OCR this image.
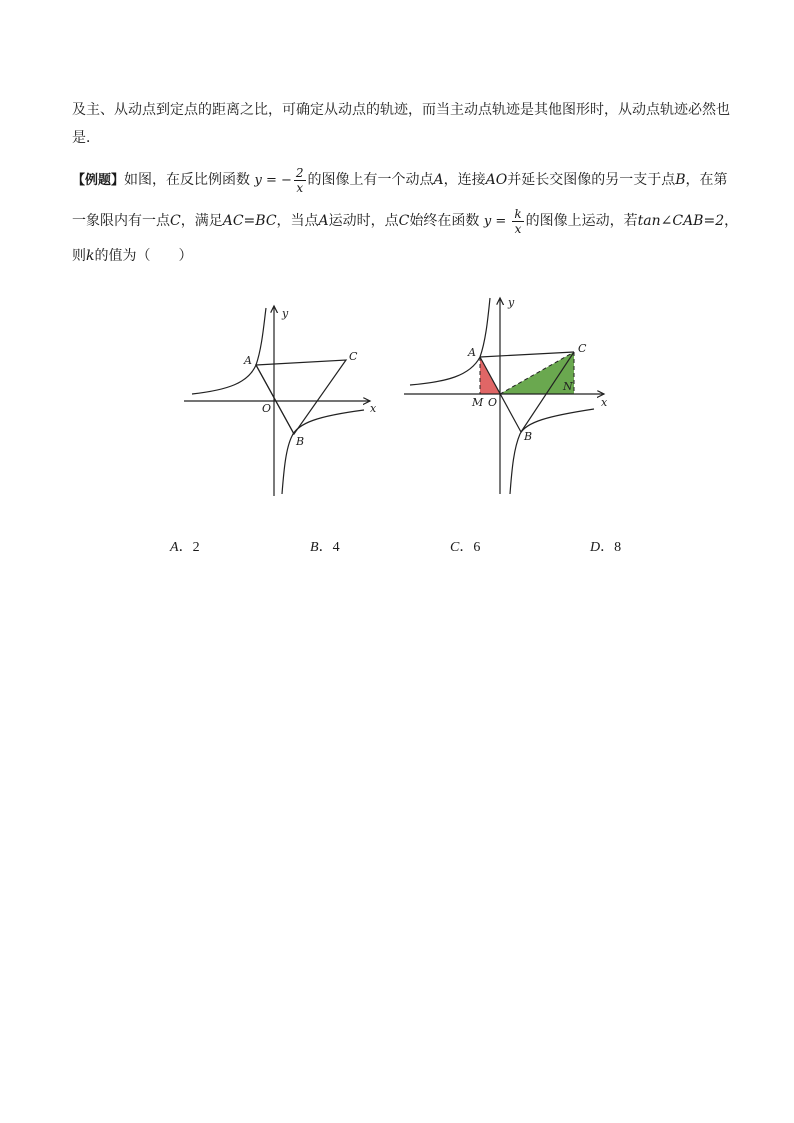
及主、从动点到定点的距离之比，可确定从动点的轨迹，而当主动点轨迹是其他图形时，从动点轨迹必然也是．
【例题】如图，在反比例函数 y = − $\frac{2}{x}$ 的图像上有一个动点A，连接AO并延长交图像的另一支于点B，在第
一象限内有一点C，满足AC=BC，当点A运动时，点C始终在函数 $y = \frac{k}{x}$ 的图像上运动，若tan∠CAB=2，
则k的值为（　　）
y
A	C
O	x
B
y
A	C
M O
N
x
B
A．2	B．4	C．6	D．8
